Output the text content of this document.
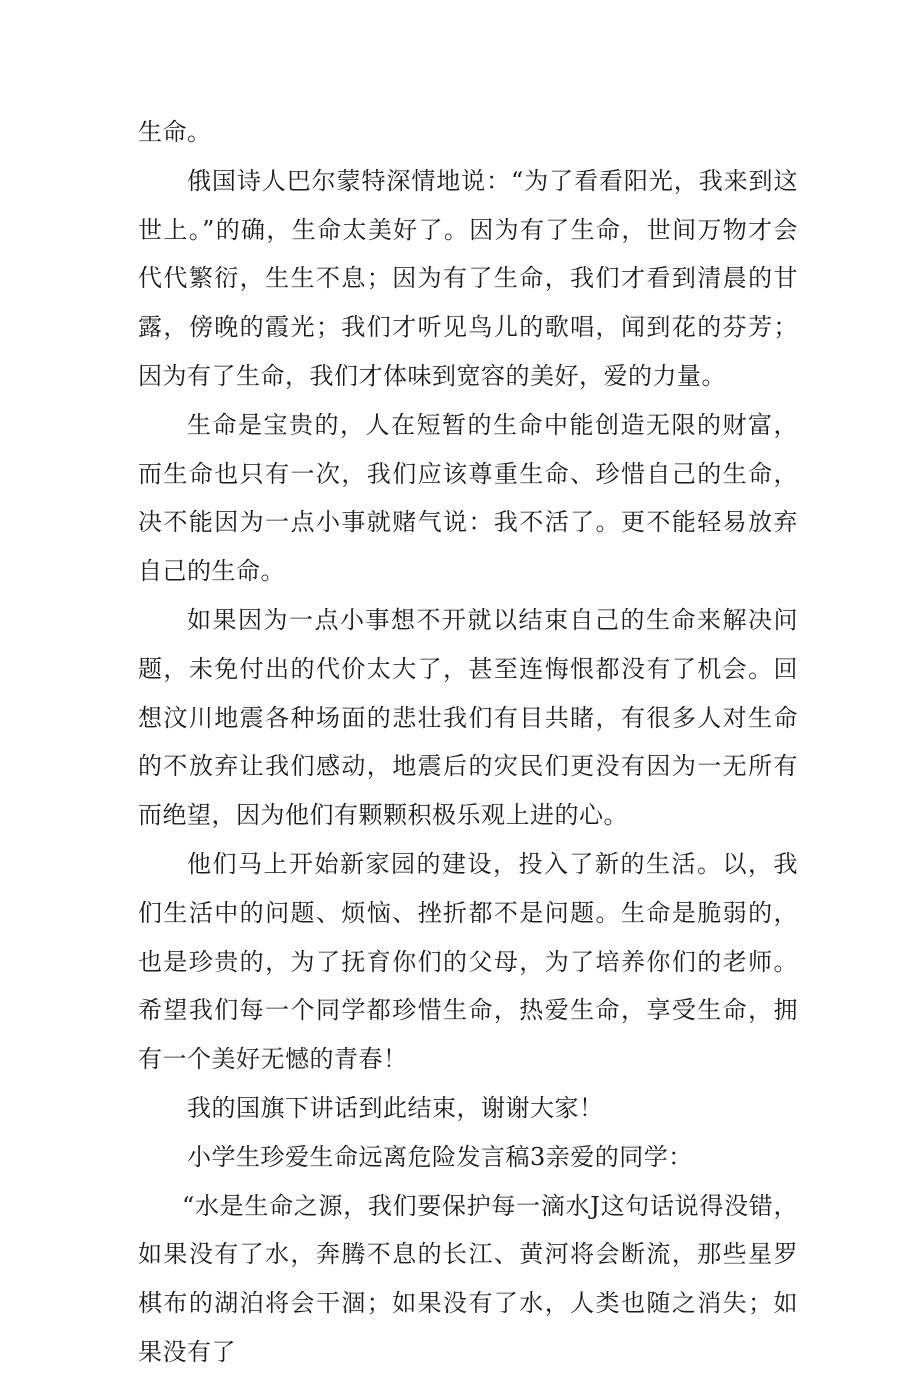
生命。

俄国诗人巴尔蒙特深情地说：“为了看看阳光，我来到这世上。”的确，生命太美好了。因为有了生命，世间万物才会代代繁衍，生生不息；因为有了生命，我们才看到清晨的甘露，傍晚的霞光；我们才听见鸟儿的歌唱，闻到花的芬芳；因为有了生命，我们才体味到宽容的美好，爱的力量。

生命是宝贵的，人在短暂的生命中能创造无限的财富，而生命也只有一次，我们应该尊重生命、珍惜自己的生命，决不能因为一点小事就赌气说：我不活了。更不能轻易放弃自己的生命。

如果因为一点小事想不开就以结束自己的生命来解决问题，未免付出的代价太大了，甚至连悔恨都没有了机会。回想汶川地震各种场面的悲壮我们有目共睹，有很多人对生命的不放弃让我们感动，地震后的灾民们更没有因为一无所有而绝望，因为他们有颗颗积极乐观上进的心。

他们马上开始新家园的建设，投入了新的生活。以，我们生活中的问题、烦恼、挫折都不是问题。生命是脆弱的，也是珍贵的，为了抚育你们的父母，为了培养你们的老师。希望我们每一个同学都珍惜生命，热爱生命，享受生命，拥有一个美好无憾的青春！

我的国旗下讲话到此结束，谢谢大家！

小学生珍爱生命远离危险发言稿3亲爱的同学：

“水是生命之源，我们要保护每一滴水J这句话说得没错，如果没有了水，奔腾不息的长江、黄河将会断流，那些星罗棋布的湖泊将会干涸；如果没有了水，人类也随之消失；如果没有了
